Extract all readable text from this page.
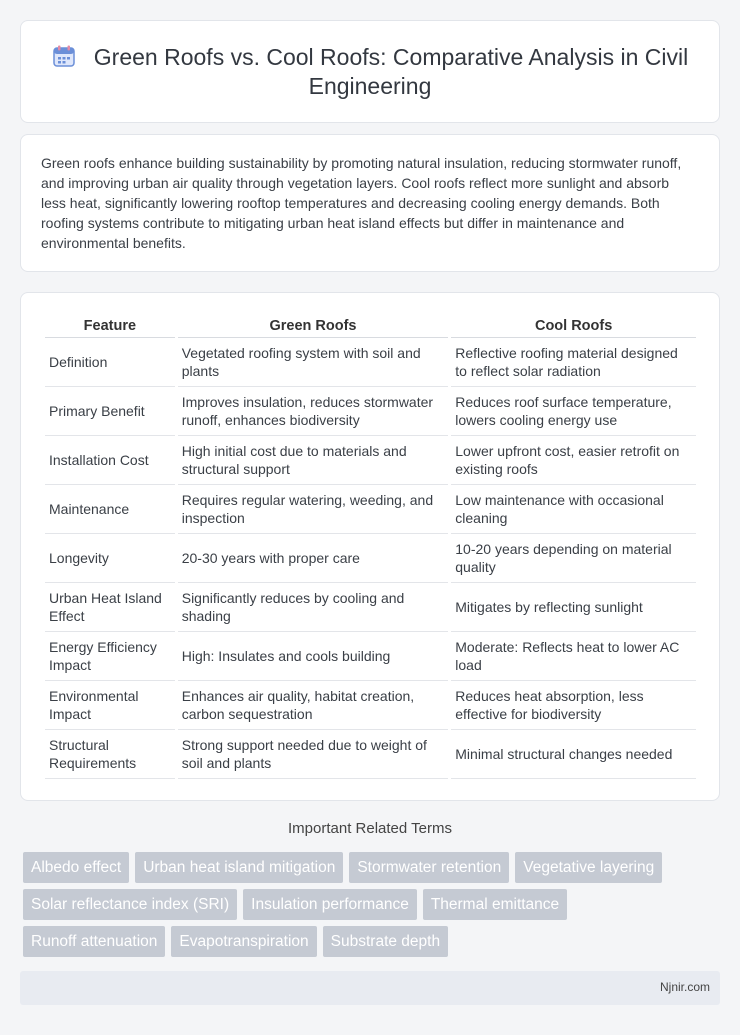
Green Roofs vs. Cool Roofs: Comparative Analysis in Civil Engineering

Green roofs enhance building sustainability by promoting natural insulation, reducing stormwater runoff, and improving urban air quality through vegetation layers. Cool roofs reflect more sunlight and absorb less heat, significantly lowering rooftop temperatures and decreasing cooling energy demands. Both roofing systems contribute to mitigating urban heat island effects but differ in maintenance and environmental benefits.

Feature	Green Roofs	Cool Roofs
Definition	Vegetated roofing system with soil and plants	Reflective roofing material designed to reflect solar radiation
Primary Benefit	Improves insulation, reduces stormwater runoff, enhances biodiversity	Reduces roof surface temperature, lowers cooling energy use
Installation Cost	High initial cost due to materials and structural support	Lower upfront cost, easier retrofit on existing roofs
Maintenance	Requires regular watering, weeding, and inspection	Low maintenance with occasional cleaning
Longevity	20-30 years with proper care	10-20 years depending on material quality
Urban Heat Island Effect	Significantly reduces by cooling and shading	Mitigates by reflecting sunlight
Energy Efficiency Impact	High: Insulates and cools building	Moderate: Reflects heat to lower AC load
Environmental Impact	Enhances air quality, habitat creation, carbon sequestration	Reduces heat absorption, less effective for biodiversity
Structural Requirements	Strong support needed due to weight of soil and plants	Minimal structural changes needed
Important Related Terms
Albedo effect Urban heat island mitigation Stormwater retention Vegetative layering
Solar reflectance index (SRI) Insulation performance Thermal emittance
Runoff attenuation Evapotranspiration Substrate depth
Njnir.com
